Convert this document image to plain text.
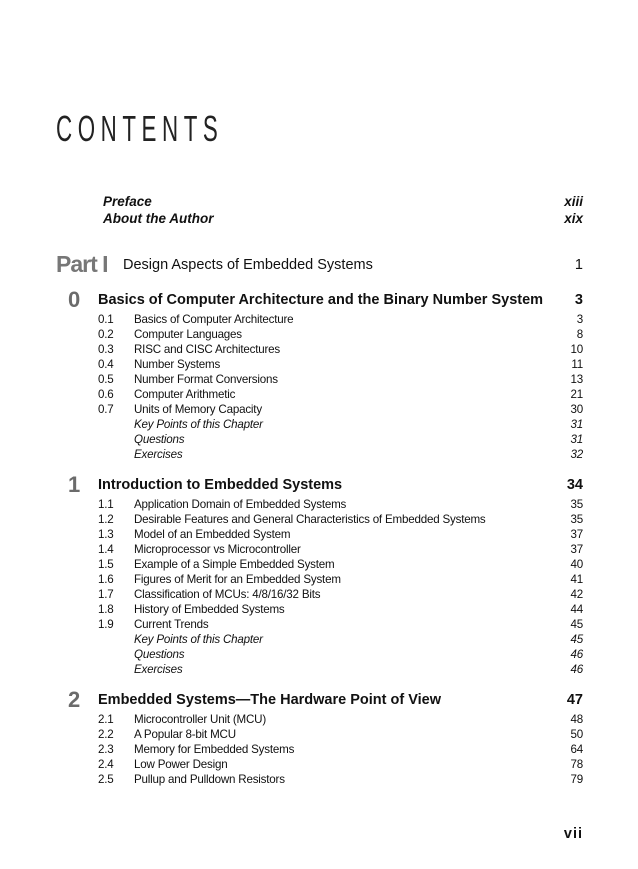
CONTENTS
Preface	xiii
About the Author	xix
Part I Design Aspects of Embedded Systems	1
0 Basics of Computer Architecture and the Binary Number System 3
0.1 Basics of Computer Architecture	3
0.2 Computer Languages	8
0.3 RISC and CISC Architectures	10
0.4 Number Systems	11
0.5 Number Format Conversions	13
0.6 Computer Arithmetic	21
0.7 Units of Memory Capacity	30
Key Points of this Chapter	31
Questions	31
Exercises	32
1 Introduction to Embedded Systems	34
1.1 Application Domain of Embedded Systems	35
1.2 Desirable Features and General Characteristics of Embedded Systems	35
1.3 Model of an Embedded System	37
1.4 Microprocessor vs Microcontroller	37
1.5 Example of a Simple Embedded System	40
1.6 Figures of Merit for an Embedded System	41
1.7 Classification of MCUs: 4/8/16/32 Bits	42
1.8 History of Embedded Systems	44
1.9 Current Trends	45
Key Points of this Chapter	45
Questions	46
Exercises	46
2 Embedded Systems—The Hardware Point of View	47
2.1 Microcontroller Unit (MCU)	48
2.2 A Popular 8-bit MCU	50
2.3 Memory for Embedded Systems	64
2.4 Low Power Design	78
2.5 Pullup and Pulldown Resistors	79
vii
